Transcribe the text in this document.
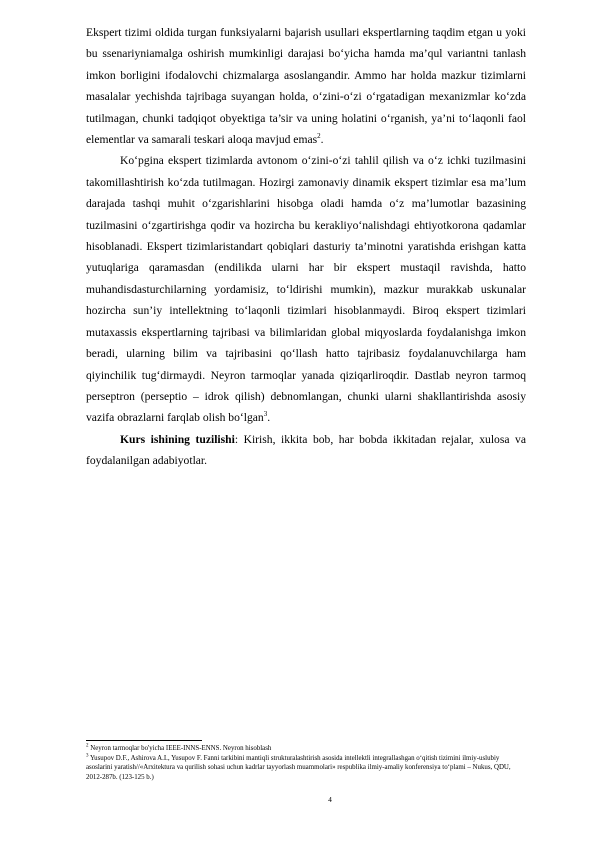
Ekspert tizimi oldida turgan funksiyalarni bajarish usullari ekspertlarning taqdim etgan u yoki bu ssenariyniamalga oshirish mumkinligi darajasi bo‘yicha hamda ma’qul variantni tanlash imkon borligini ifodalovchi chizmalarga asoslangandir. Ammo har holda mazkur tizimlarni masalalar yechishda tajribaga suyangan holda, o‘zini-o‘zi o‘rgatadigan mexanizmlar ko‘zda tutilmagan, chunki tadqiqot obyektiga ta’sir va uning holatini o‘rganish, ya’ni to‘laqonli faol elementlar va samarali teskari aloqa mavjud emas$^2$.

Ko‘pgina ekspert tizimlarda avtonom o‘zini-o‘zi tahlil qilish va o‘z ichki tuzilmasini takomillashtirish ko‘zda tutilmagan. Hozirgi zamonaviy dinamik ekspert tizimlar esa ma’lum darajada tashqi muhit o‘zgarishlarini hisobga oladi hamda o‘z ma’lumotlar bazasining tuzilmasini o‘zgartirishga qodir va hozircha bu kerakliyo‘nalishdagi ehtiyotkorona qadamlar hisoblanadi. Ekspert tizimlaristandart qobiqlari dasturiy ta’minotni yaratishda erishgan katta yutuqlariga qaramasdan (endilikda ularni har bir ekspert mustaqil ravishda, hatto muhandisdasturchilarning yordamisiz, to‘ldirishi mumkin), mazkur murakkab uskunalar hozircha sun’iy intellektning to‘laqonli tizimlari hisoblanmaydi. Biroq ekspert tizimlari mutaxassis ekspertlarning tajribasi va bilimlaridan global miqyoslarda foydalanishga imkon beradi, ularning bilim va tajribasini qo‘llash hatto tajribasiz foydalanuvchilarga ham qiyinchilik tug‘dirmaydi. Neyron tarmoqlar yanada qiziqarliroqdir. Dastlab neyron tarmoq perseptron (perseptio – idrok qilish) debnomlangan, chunki ularni shakllantirishda asosiy vazifa obrazlarni farqlab olish bo‘lgan$^3$.

Kurs ishining tuzilishi: Kirish, ikkita bob, har bobda ikkitadan rejalar, xulosa va foydalanilgan adabiyotlar.

$^2$ Neyron tarmoqlar bo'yicha IEEE-INNS-ENNS. Neyron hisoblash

$^3$ Yusupov D.F., Ashirova A.I., Yusupov F. Fanni tarkibini mantiqli strukturalashtirish asosida intellektli integrallashgan o‘qitish tizimini ilmiy-uslubiy asoslarini yaratish//«Arxitektura va qurilish sohasi uchun kadrlar tayyorlash muammolari» respublika ilmiy-amaliy konferensiya to‘plami – Nukus, QDU, 2012-287b. (123-125 b.)

4
